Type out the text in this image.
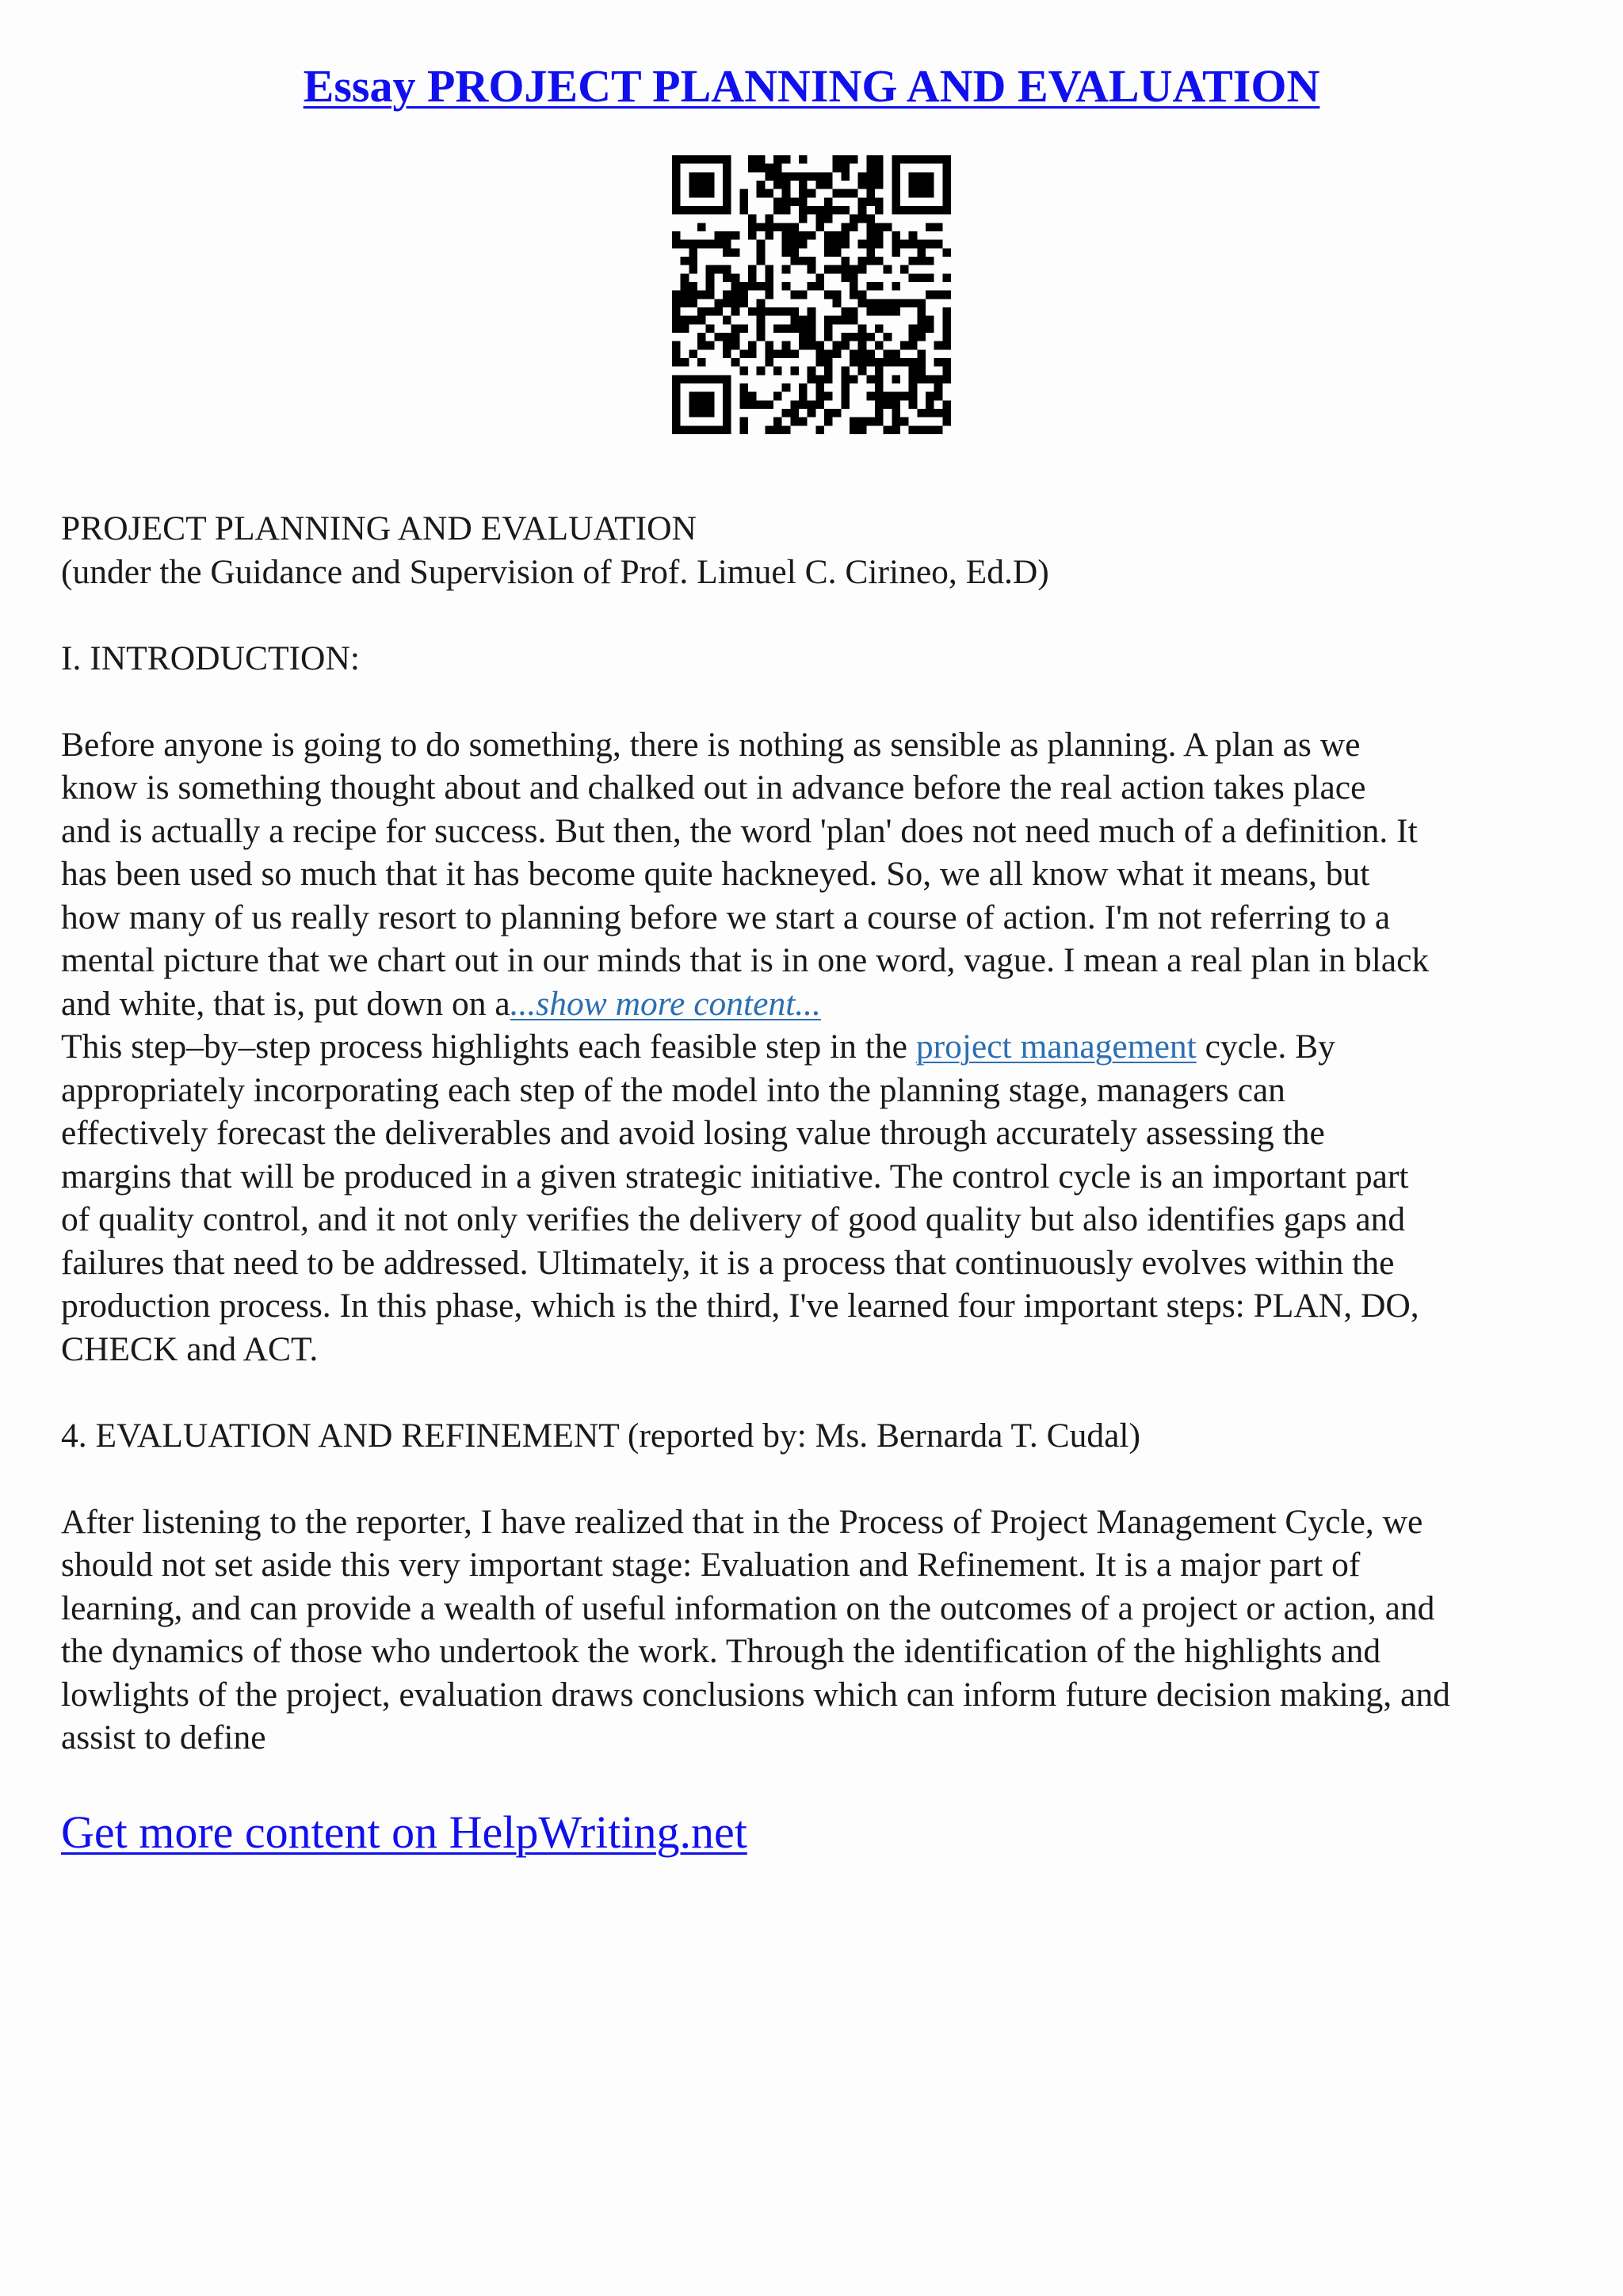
Essay PROJECT PLANNING AND EVALUATION

PROJECT PLANNING AND EVALUATION

(under the Guidance and Supervision of Prof. Limuel C. Cirineo, Ed.D)

I. INTRODUCTION:

Before anyone is going to do something, there is nothing as sensible as planning. A plan as we

know is something thought about and chalked out in advance before the real action takes place

and is actually a recipe for success. But then, the word 'plan' does not need much of a definition. It

has been used so much that it has become quite hackneyed. So, we all know what it means, but

how many of us really resort to planning before we start a course of action. I'm not referring to a

mental picture that we chart out in our minds that is in one word, vague. I mean a real plan in black

and white, that is, put down on a...show more content...

This step–by–step process highlights each feasible step in the project management cycle. By

appropriately incorporating each step of the model into the planning stage, managers can

effectively forecast the deliverables and avoid losing value through accurately assessing the

margins that will be produced in a given strategic initiative. The control cycle is an important part

of quality control, and it not only verifies the delivery of good quality but also identifies gaps and

failures that need to be addressed. Ultimately, it is a process that continuously evolves within the

production process. In this phase, which is the third, I've learned four important steps: PLAN, DO,

CHECK and ACT.

4. EVALUATION AND REFINEMENT (reported by: Ms. Bernarda T. Cudal)

After listening to the reporter, I have realized that in the Process of Project Management Cycle, we

should not set aside this very important stage: Evaluation and Refinement. It is a major part of

learning, and can provide a wealth of useful information on the outcomes of a project or action, and

the dynamics of those who undertook the work. Through the identification of the highlights and

lowlights of the project, evaluation draws conclusions which can inform future decision making, and

assist to define

Get more content on HelpWriting.net
